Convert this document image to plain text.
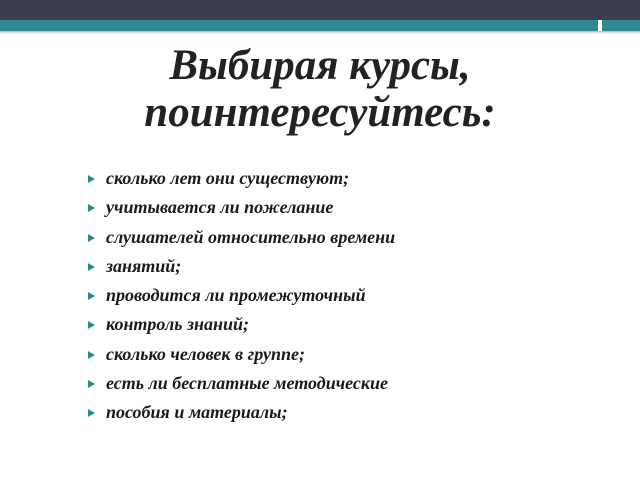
Выбирая курсы,
поинтересуйтесь:
сколько лет они существуют;
учитывается ли пожелание
слушателей относительно времени
занятий;
проводится ли промежуточный
контроль знаний;
сколько человек в группе;
есть ли бесплатные методические
пособия и материалы;
